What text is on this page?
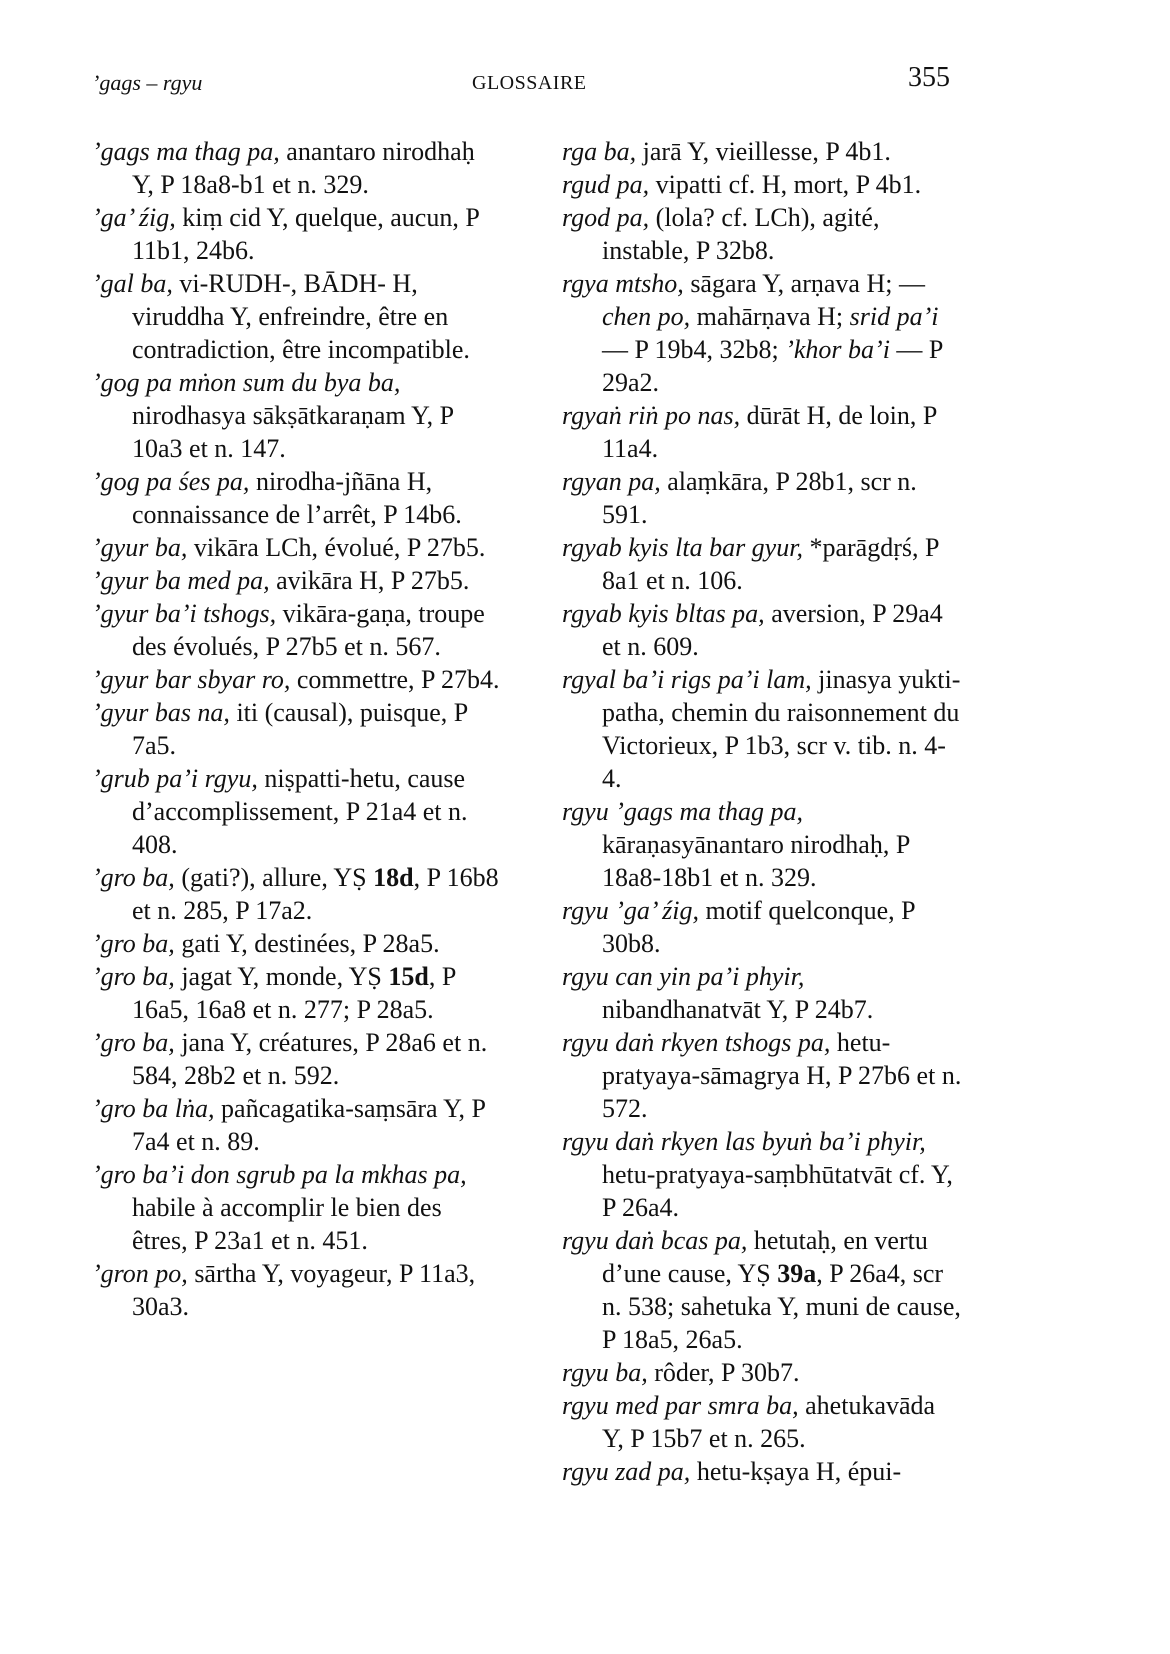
’gags – rgyu	GLOSSAIRE	355

’gags ma thag pa, anantaro nirodhaḥ Y, P 18a8-b1 et n. 329.

’ga’ źig, kiṃ cid Y, quelque, aucun, P 11b1, 24b6.

’gal ba, vi-RUDH-, BĀDH- H, viruddha Y, enfreindre, être en contradiction, être incompatible.

’gog pa mṅon sum du bya ba, nirodhasya sākṣātkaraṇam Y, P 10a3 et n. 147.

’gog pa śes pa, nirodha-jñāna H, connaissance de l’arrêt, P 14b6.

’gyur ba, vikāra LCh, évolué, P 27b5.

’gyur ba med pa, avikāra H, P 27b5.

’gyur ba’i tshogs, vikāra-gaṇa, troupe des évolués, P 27b5 et n. 567.

’gyur bar sbyar ro, commettre, P 27b4.

’gyur bas na, iti (causal), puisque, P 7a5.

’grub pa’i rgyu, niṣpatti-hetu, cause d’accomplissement, P 21a4 et n. 408.

’gro ba, (gati?), allure, YṢ 18d, P 16b8 et n. 285, P 17a2.

’gro ba, gati Y, destinées, P 28a5.

’gro ba, jagat Y, monde, YṢ 15d, P 16a5, 16a8 et n. 277; P 28a5.

’gro ba, jana Y, créatures, P 28a6 et n. 584, 28b2 et n. 592.

’gro ba lṅa, pañcagatika-saṃsāra Y, P 7a4 et n. 89.

’gro ba’i don sgrub pa la mkhas pa, habile à accomplir le bien des êtres, P 23a1 et n. 451.

’gron po, sārtha Y, voyageur, P 11a3, 30a3.

rga ba, jarā Y, vieillesse, P 4b1.

rgud pa, vipatti cf. H, mort, P 4b1.

rgod pa, (lola? cf. LCh), agité, instable, P 32b8.

rgya mtsho, sāgara Y, arṇava H; — chen po, mahārṇava H; srid pa’i — P 19b4, 32b8; ’khor ba’i — P 29a2.

rgyaṅ riṅ po nas, dūrāt H, de loin, P 11a4.

rgyan pa, alaṃkāra, P 28b1, scr n. 591.

rgyab kyis lta bar gyur, *parāgdṛś, P 8a1 et n. 106.

rgyab kyis bltas pa, aversion, P 29a4 et n. 609.

rgyal ba’i rigs pa’i lam, jinasya yukti-patha, chemin du raisonnement du Victorieux, P 1b3, scr v. tib. n. 4-4.

rgyu ’gags ma thag pa, kāraṇasyānantaro nirodhaḥ, P 18a8-18b1 et n. 329.

rgyu ’ga’ źig, motif quelconque, P 30b8.

rgyu can yin pa’i phyir, nibandhanatvāt Y, P 24b7.

rgyu daṅ rkyen tshogs pa, hetu-pratyaya-sāmagrya H, P 27b6 et n. 572.

rgyu daṅ rkyen las byuṅ ba’i phyir, hetu-pratyaya-saṃbhūtatvāt cf. Y, P 26a4.

rgyu daṅ bcas pa, hetutaḥ, en vertu d’une cause, YṢ 39a, P 26a4, scr n. 538; sahetuka Y, muni de cause, P 18a5, 26a5.

rgyu ba, rôder, P 30b7.

rgyu med par smra ba, ahetukavāda Y, P 15b7 et n. 265.

rgyu zad pa, hetu-kṣaya H, épui-
